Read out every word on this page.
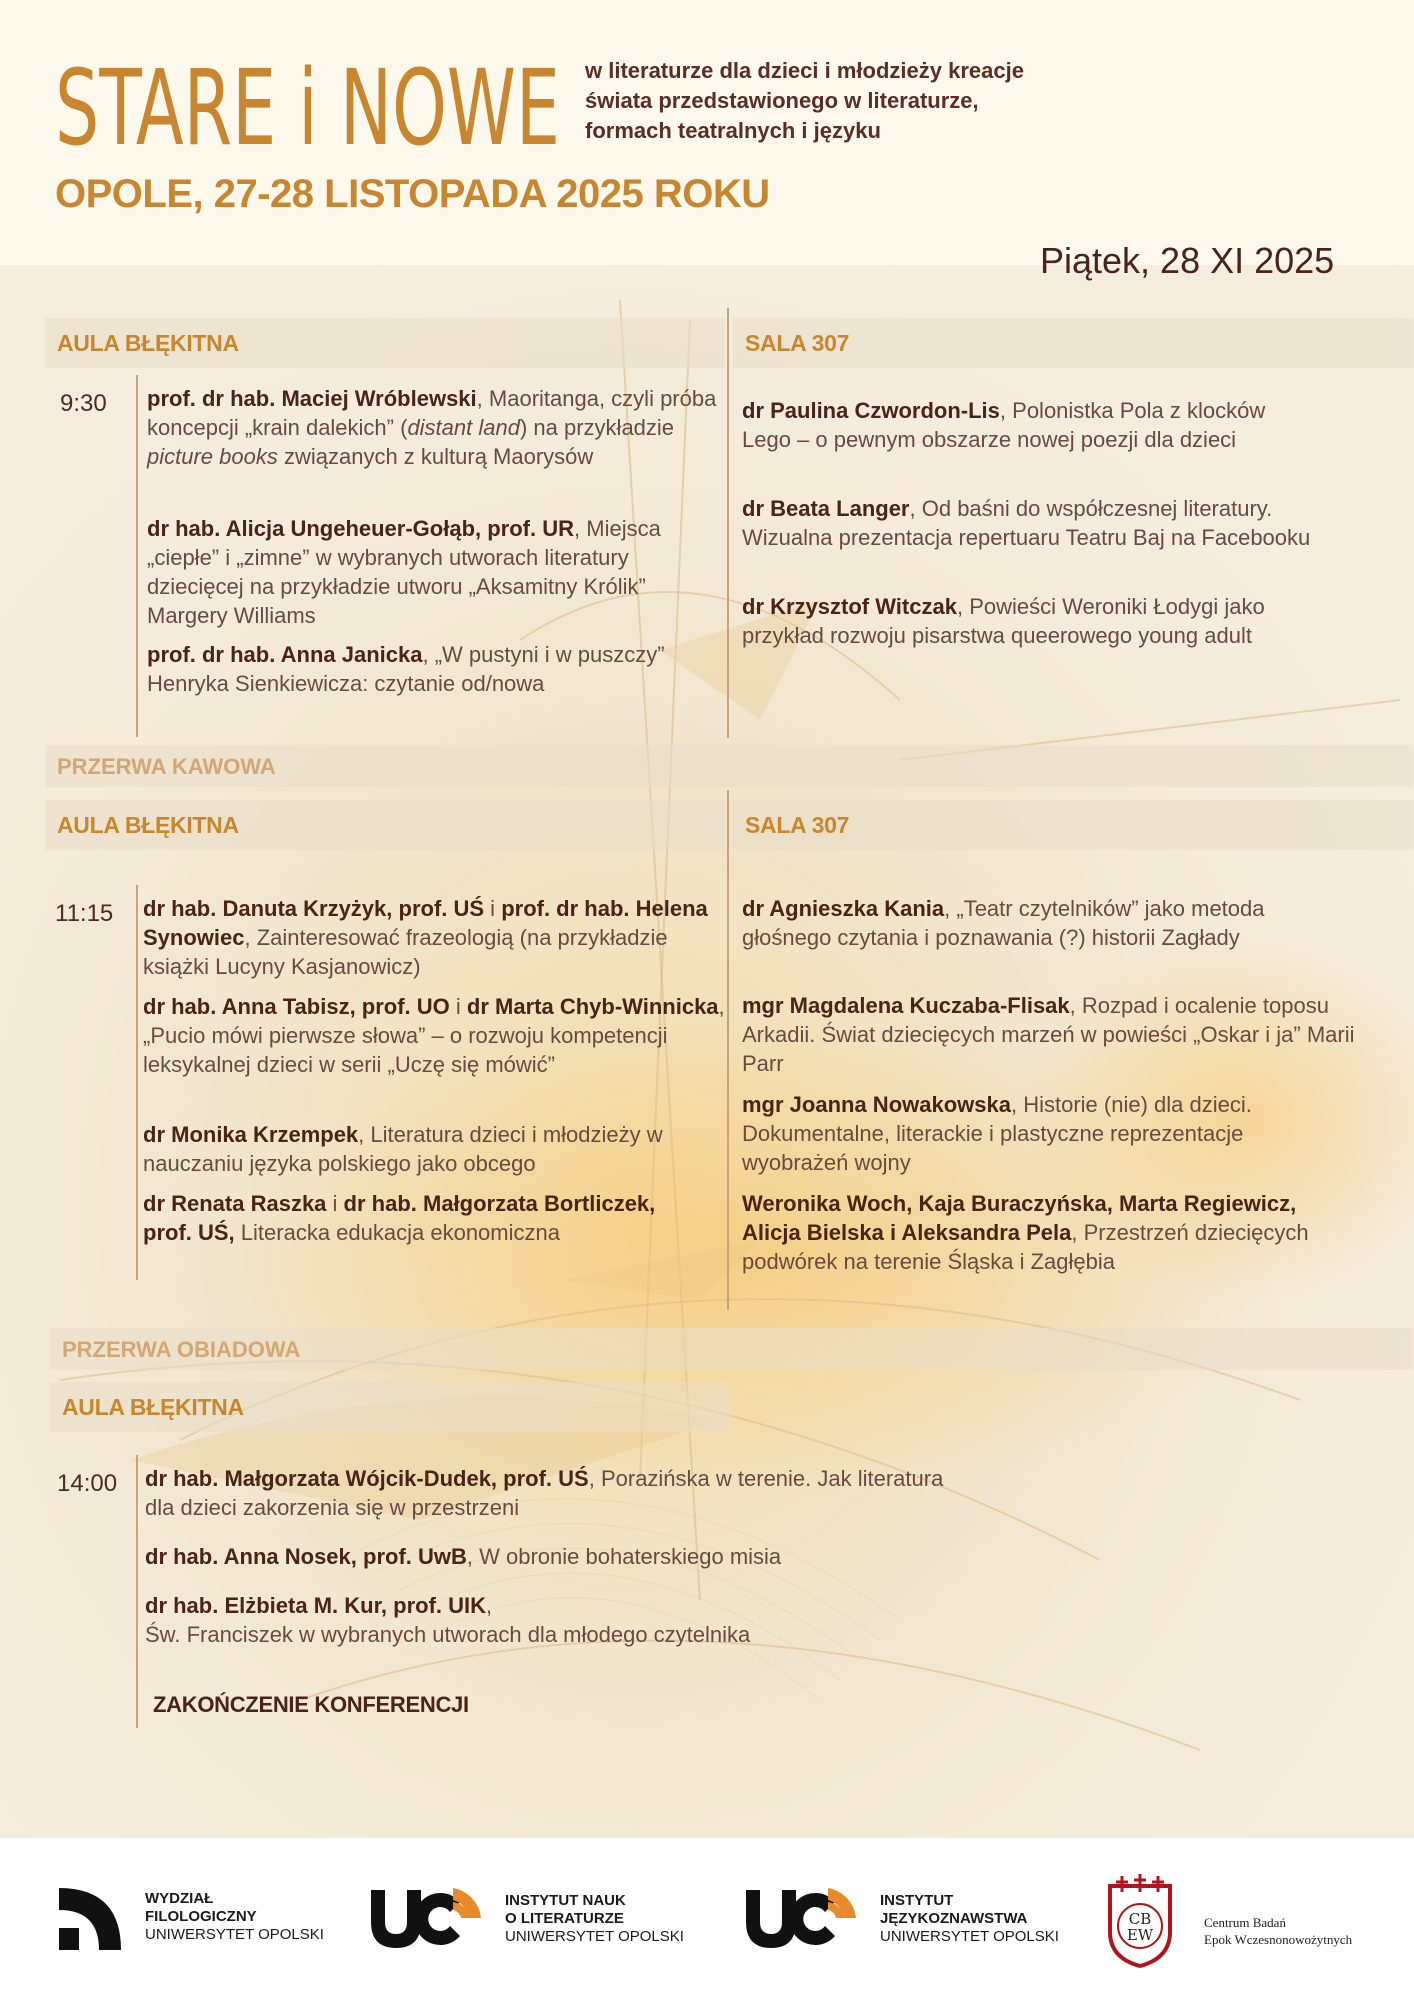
STARE i NOWE w literaturze dla dzieci i młodzieży kreacje
świata przedstawionego w literaturze,
formach teatralnych i języku
OPOLE, 27-28 LISTOPADA 2025 ROKU
Piątek, 28 XI 2025
AULA BŁĘKITNA	SALA 307
9:30 prof. dr hab. Maciej Wróblewski, Maoritanga, czyli próba koncepcji „krain dalekich” (distant land) na przykładzie picture books związanych z kulturą Maorysów
dr hab. Alicja Ungeheuer-Gołąb, prof. UR, Miejsca „ciepłe” i „zimne” w wybranych utworach literatury dziecięcej na przykładzie utworu „Aksamitny Królik” Margery Williams
prof. dr hab. Anna Janicka, „W pustyni i w puszczy” Henryka Sienkiewicza: czytanie od/nowa
dr Paulina Czwordon-Lis, Polonistka Pola z klocków Lego – o pewnym obszarze nowej poezji dla dzieci
dr Beata Langer, Od baśni do współczesnej literatury. Wizualna prezentacja repertuaru Teatru Baj na Facebooku
dr Krzysztof Witczak, Powieści Weroniki Łodygi jako przykład rozwoju pisarstwa queerowego young adult
PRZERWA KAWOWA
AULA BŁĘKITNA	SALA 307
11:15 dr hab. Danuta Krzyżyk, prof. UŚ i prof. dr hab. Helena Synowiec, Zainteresować frazeologią (na przykładzie książki Lucyny Kasjanowicz)
dr hab. Anna Tabisz, prof. UO i dr Marta Chyb-Winnicka, „Pucio mówi pierwsze słowa” – o rozwoju kompetencji leksykalnej dzieci w serii „Uczę się mówić”
dr Monika Krzempek, Literatura dzieci i młodzieży w nauczaniu języka polskiego jako obcego
dr Renata Raszka i dr hab. Małgorzata Bortliczek, prof. UŚ, Literacka edukacja ekonomiczna
dr Agnieszka Kania, „Teatr czytelników” jako metoda głośnego czytania i poznawania (?) historii Zagłady
mgr Magdalena Kuczaba-Flisak, Rozpad i ocalenie toposu Arkadii. Świat dziecięcych marzeń w powieści „Oskar i ja” Marii Parr
mgr Joanna Nowakowska, Historie (nie) dla dzieci. Dokumentalne, literackie i plastyczne reprezentacje wyobrażeń wojny
Weronika Woch, Kaja Buraczyńska, Marta Regiewicz, Alicja Bielska i Aleksandra Pela, Przestrzeń dziecięcych podwórek na terenie Śląska i Zagłębia
PRZERWA OBIADOWA
AULA BŁĘKITNA
14:00 dr hab. Małgorzata Wójcik-Dudek, prof. UŚ, Porazińska w terenie. Jak literatura
dla dzieci zakorzenia się w przestrzeni
dr hab. Anna Nosek, prof. UwB, W obronie bohaterskiego misia
dr hab. Elżbieta M. Kur, prof. UIK,
Św. Franciszek w wybranych utworach dla młodego czytelnika
ZAKOŃCZENIE KONFERENCJI
WYDZIAŁ
FILOLOGICZNY
UNIWERSYTET OPOLSKI
INSTYTUT NAUK
O LITERATURZE
UNIWERSYTET OPOLSKI
INSTYTUT
JĘZYKOZNAWSTWA
UNIWERSYTET OPOLSKI
CB
EW
Centrum Badań
Epok Wczesnonowożytnych
